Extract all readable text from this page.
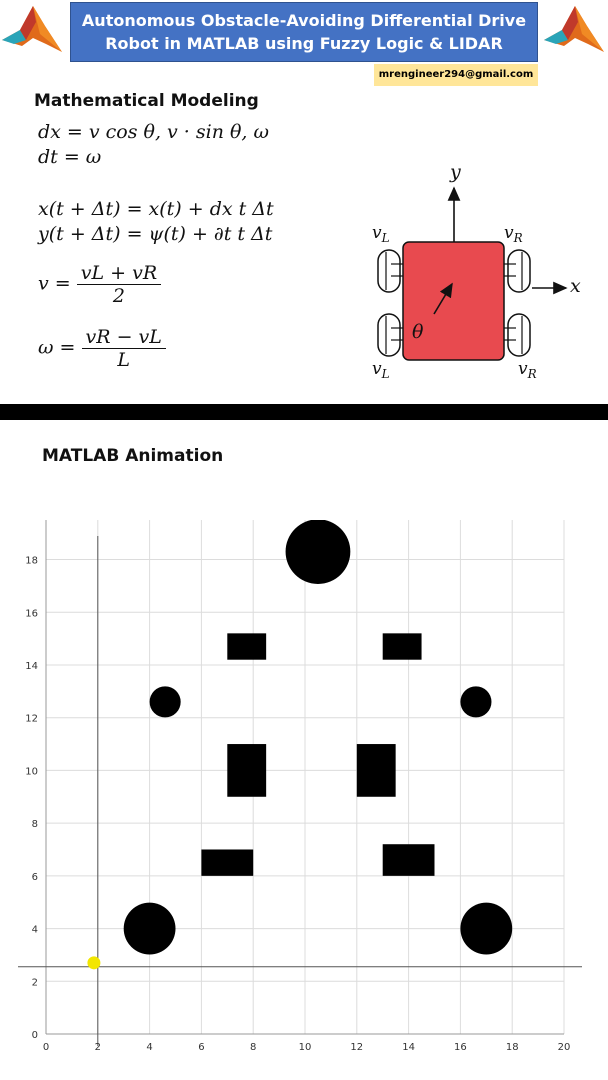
Autonomous Obstacle-Avoiding Differential Drive
Robot in MATLAB using Fuzzy Logic & LIDAR
mrengineer294@gmail.com
Mathematical Modeling
dx = v cos θ, v · sin θ, ω
dt = ω
x(t + Δt) = x(t) + dx t Δt
y(t + Δt) = ψ(t) + ∂t t Δt
$v = \frac{vL + vR}{2}$
$\omega = \frac{vR - vL}{L}$
y
x
θ
$v_L$	$v_R$
$v_L$	$v_R$
MATLAB Animation
0	2	4	6	8	10	12	14	16	18	20
0
2
4
6
8
10
12
14
16
18
